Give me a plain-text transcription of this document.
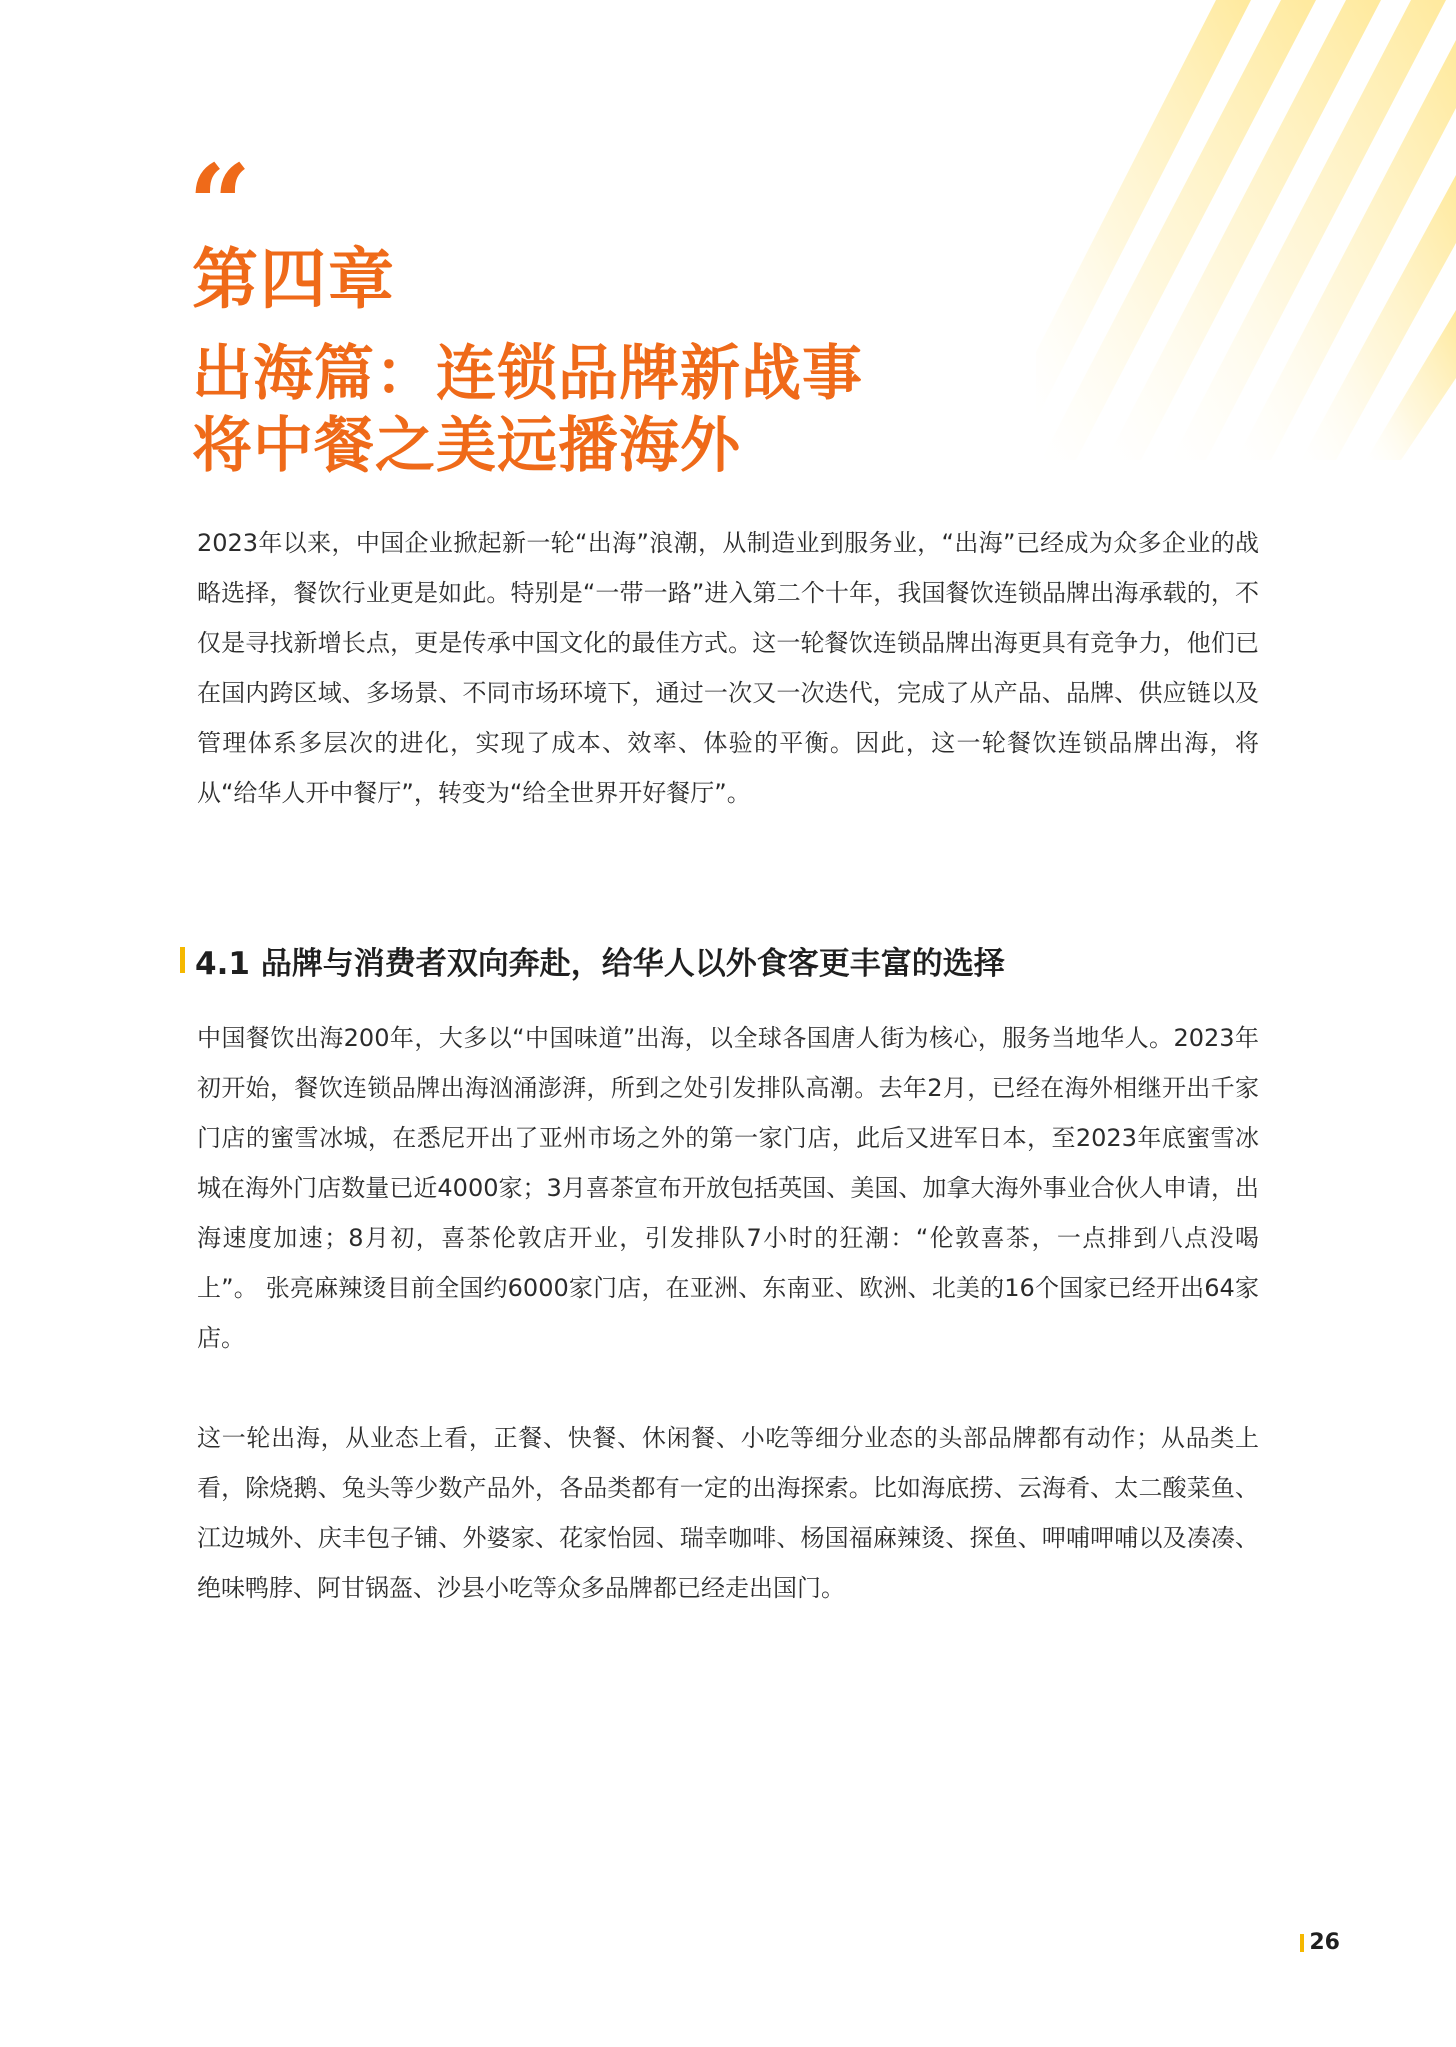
“
第四章
出海篇：连锁品牌新战事
将中餐之美远播海外
2023年以来，中国企业掀起新一轮“出海”浪潮，从制造业到服务业，“出海”已经成为众多企业的战略选择，餐饮行业更是如此。特别是“一带一路”进入第二个十年，我国餐饮连锁品牌出海承载的，不仅是寻找新增长点，更是传承中国文化的最佳方式。这一轮餐饮连锁品牌出海更具有竞争力，他们已在国内跨区域、多场景、不同市场环境下，通过一次又一次迭代，完成了从产品、品牌、供应链以及管理体系多层次的进化，实现了成本、效率、体验的平衡。因此，这一轮餐饮连锁品牌出海，将从“给华人开中餐厅”，转变为“给全世界开好餐厅”。
4.1 品牌与消费者双向奔赴，给华人以外食客更丰富的选择
中国餐饮出海200年，大多以“中国味道”出海，以全球各国唐人街为核心，服务当地华人。2023年初开始，餐饮连锁品牌出海汹涌澎湃，所到之处引发排队高潮。去年2月，已经在海外相继开出千家门店的蜜雪冰城，在悉尼开出了亚州市场之外的第一家门店，此后又进军日本，至2023年底蜜雪冰城在海外门店数量已近4000家；3月喜茶宣布开放包括英国、美国、加拿大海外事业合伙人申请，出海速度加速；8月初，喜茶伦敦店开业，引发排队7小时的狂潮：“伦敦喜茶，一点排到八点没喝上”。 张亮麻辣烫目前全国约6000家门店，在亚洲、东南亚、欧洲、北美的16个国家已经开出64家店。
这一轮出海，从业态上看，正餐、快餐、休闲餐、小吃等细分业态的头部品牌都有动作；从品类上看，除烧鹅、兔头等少数产品外，各品类都有一定的出海探索。比如海底捞、云海肴、太二酸菜鱼、江边城外、庆丰包子铺、外婆家、花家怡园、瑞幸咖啡、杨国福麻辣烫、探鱼、呷哺呷哺以及凑凑、绝味鸭脖、阿甘锅盔、沙县小吃等众多品牌都已经走出国门。
26
